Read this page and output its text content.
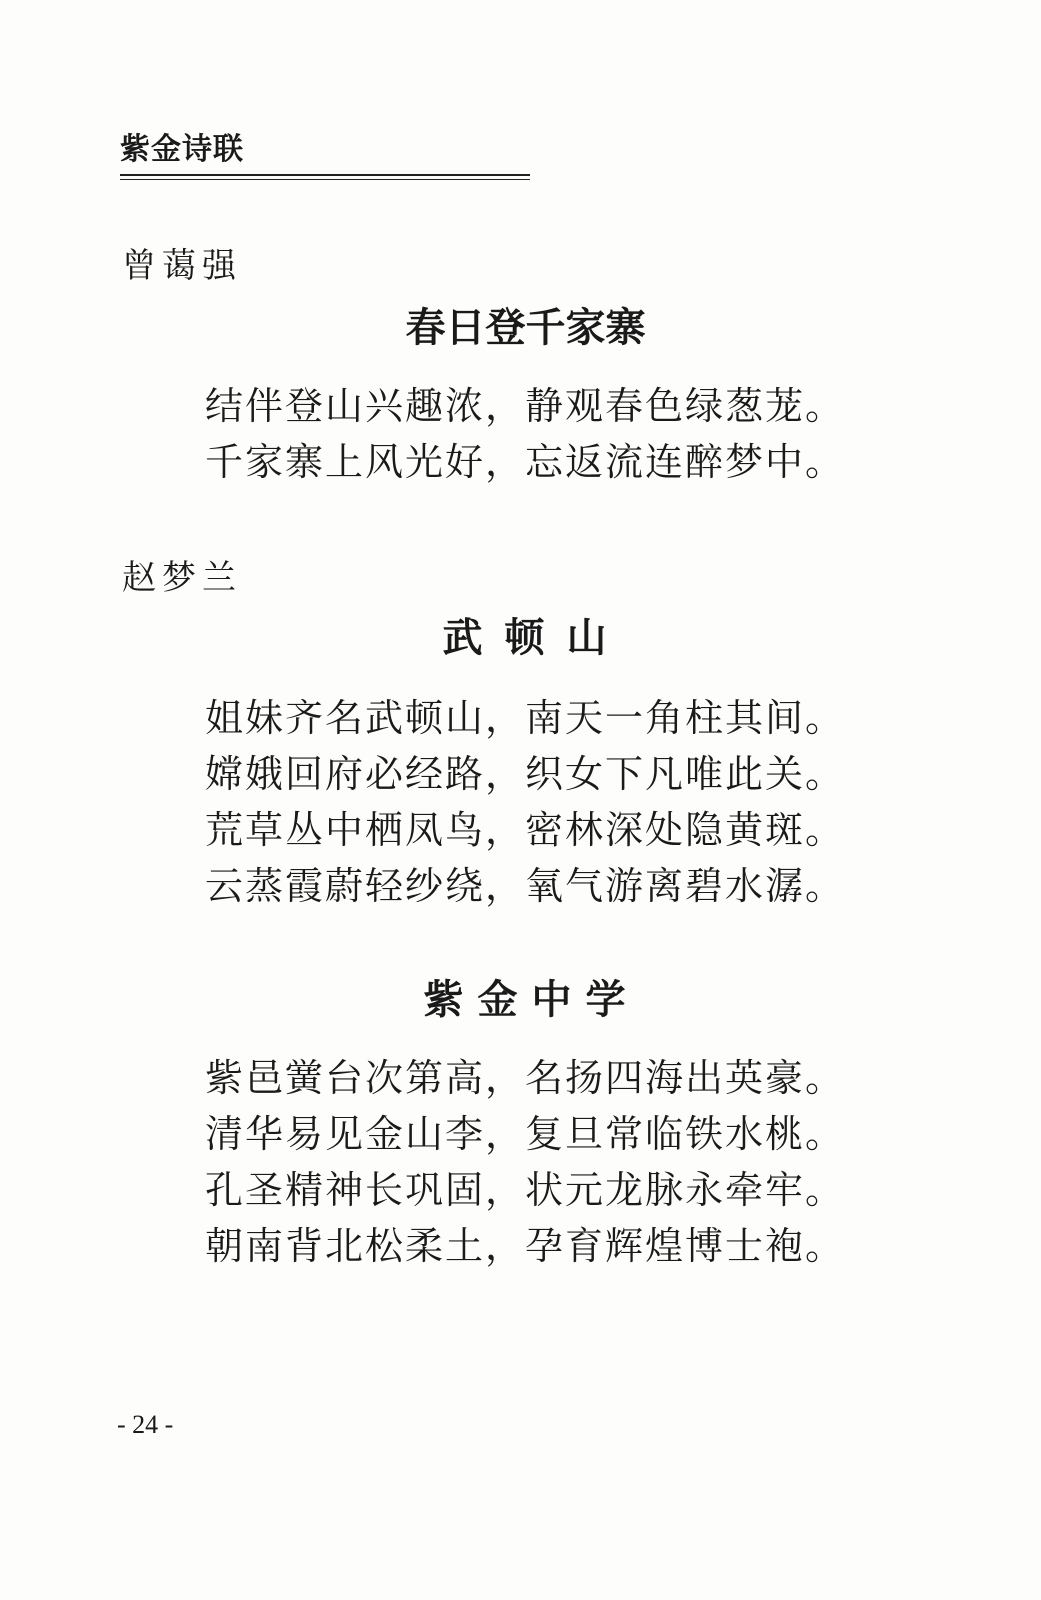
紫金诗联
曾蔼强
春日登千家寨
结伴登山兴趣浓，静观春色绿葱茏。
千家寨上风光好，忘返流连醉梦中。
赵梦兰
武顿山
姐妹齐名武顿山，南天一角柱其间。
嫦娥回府必经路，织女下凡唯此关。
荒草丛中栖凤鸟，密林深处隐黄斑。
云蒸霞蔚轻纱绕，氧气游离碧水潺。
紫金中学
紫邑黉台次第高，名扬四海出英豪。
清华易见金山李，复旦常临铁水桃。
孔圣精神长巩固，状元龙脉永牵牢。
朝南背北松柔土，孕育辉煌博士袍。
- 24 -
